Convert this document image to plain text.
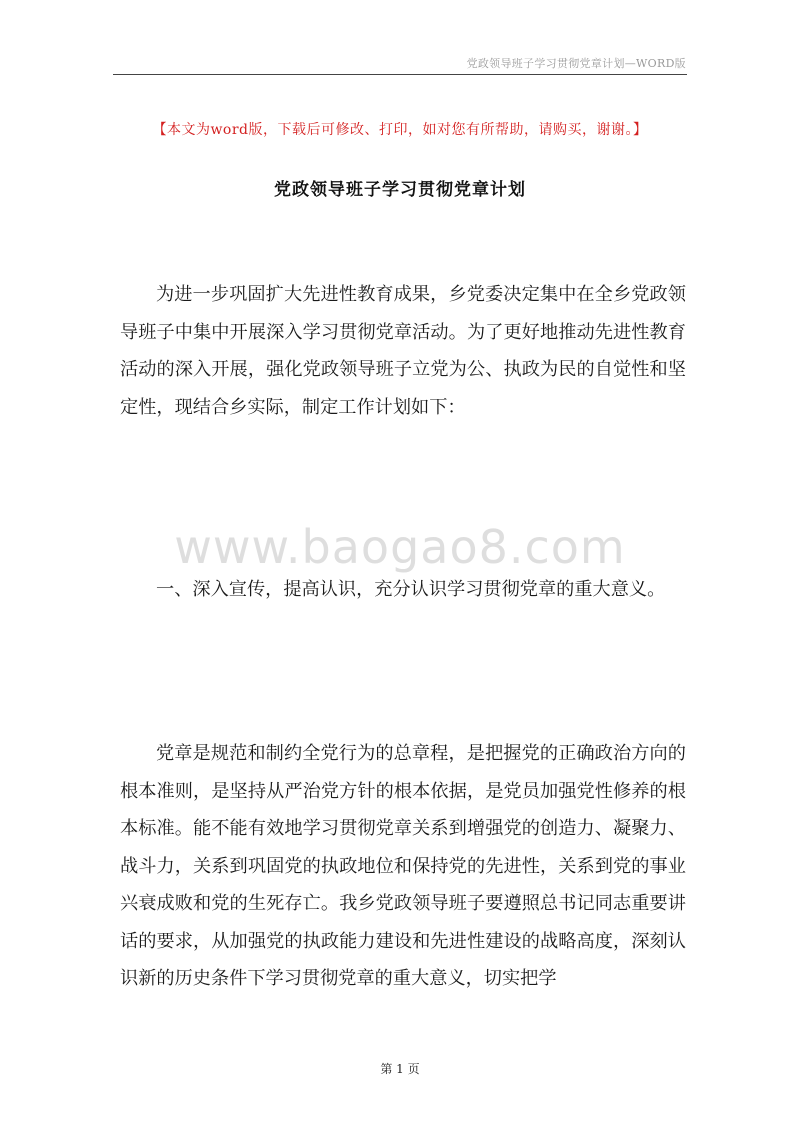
党政领导班子学习贯彻党章计划—WORD版
【本文为word版，下载后可修改、打印，如对您有所帮助，请购买，谢谢。】
党政领导班子学习贯彻党章计划

为进一步巩固扩大先进性教育成果，乡党委决定集中在全乡党政领导班子中集中开展深入学习贯彻党章活动。为了更好地推动先进性教育活动的深入开展，强化党政领导班子立党为公、执政为民的自觉性和坚定性，现结合乡实际，制定工作计划如下：

www.baogao8.com

一、深入宣传，提高认识，充分认识学习贯彻党章的重大意义。

党章是规范和制约全党行为的总章程，是把握党的正确政治方向的根本准则，是坚持从严治党方针的根本依据，是党员加强党性修养的根本标准。能不能有效地学习贯彻党章关系到增强党的创造力、凝聚力、战斗力，关系到巩固党的执政地位和保持党的先进性，关系到党的事业兴衰成败和党的生死存亡。我乡党政领导班子要遵照总书记同志重要讲话的要求，从加强党的执政能力建设和先进性建设的战略高度，深刻认识新的历史条件下学习贯彻党章的重大意义，切实把学

第 1 页
